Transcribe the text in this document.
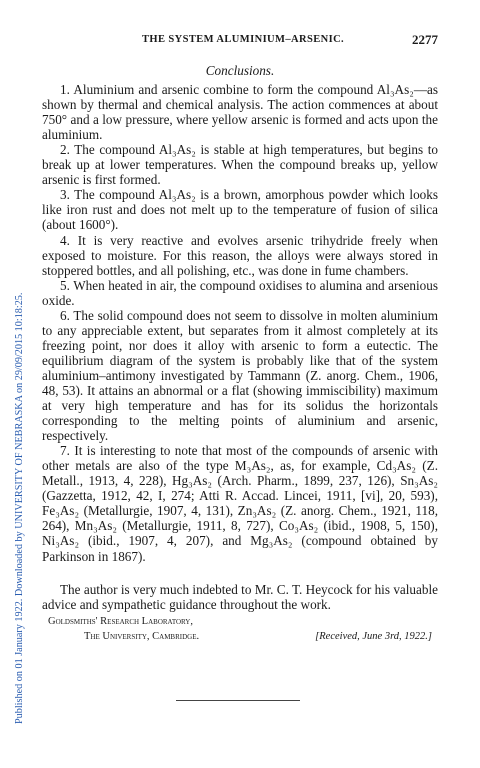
Published on 01 January 1922. Downloaded by UNIVERSITY OF NEBRASKA on 29/09/2015 10:18:25.
THE SYSTEM ALUMINIUM–ARSENIC.	2277

Conclusions.

1. Aluminium and arsenic combine to form the compound Al₃As₂—as shown by thermal and chemical analysis. The action commences at about 750° and a low pressure, where yellow arsenic is formed and acts upon the aluminium.

2. The compound Al₃As₂ is stable at high temperatures, but begins to break up at lower temperatures. When the compound breaks up, yellow arsenic is first formed.

3. The compound Al₃As₂ is a brown, amorphous powder which looks like iron rust and does not melt up to the temperature of fusion of silica (about 1600°).

4. It is very reactive and evolves arsenic trihydride freely when exposed to moisture. For this reason, the alloys were always stored in stoppered bottles, and all polishing, etc., was done in fume chambers.

5. When heated in air, the compound oxidises to alumina and arsenious oxide.

6. The solid compound does not seem to dissolve in molten aluminium to any appreciable extent, but separates from it almost completely at its freezing point, nor does it alloy with arsenic to form a eutectic. The equilibrium diagram of the system is probably like that of the system aluminium–antimony investigated by Tammann (Z. anorg. Chem., 1906, 48, 53). It attains an abnormal or a flat (showing immiscibility) maximum at very high temperature and has for its solidus the horizontals corresponding to the melting points of aluminium and arsenic, respectively.

7. It is interesting to note that most of the compounds of arsenic with other metals are also of the type M₃As₂, as, for example, Cd₃As₂ (Z. Metall., 1913, 4, 228), Hg₃As₂ (Arch. Pharm., 1899, 237, 126), Sn₃As₂ (Gazzetta, 1912, 42, I, 274; Atti R. Accad. Lincei, 1911, [vi], 20, 593), Fe₃As₂ (Metallurgie, 1907, 4, 131), Zn₃As₂ (Z. anorg. Chem., 1921, 118, 264), Mn₃As₂ (Metallurgie, 1911, 8, 727), Co₃As₂ (ibid., 1908, 5, 150), Ni₃As₂ (ibid., 1907, 4, 207), and Mg₃As₂ (compound obtained by Parkinson in 1867).

The author is very much indebted to Mr. C. T. Heycock for his valuable advice and sympathetic guidance throughout the work.

Goldsmiths' Research Laboratory,
The University, Cambridge.	[Received, June 3rd, 1922.]
